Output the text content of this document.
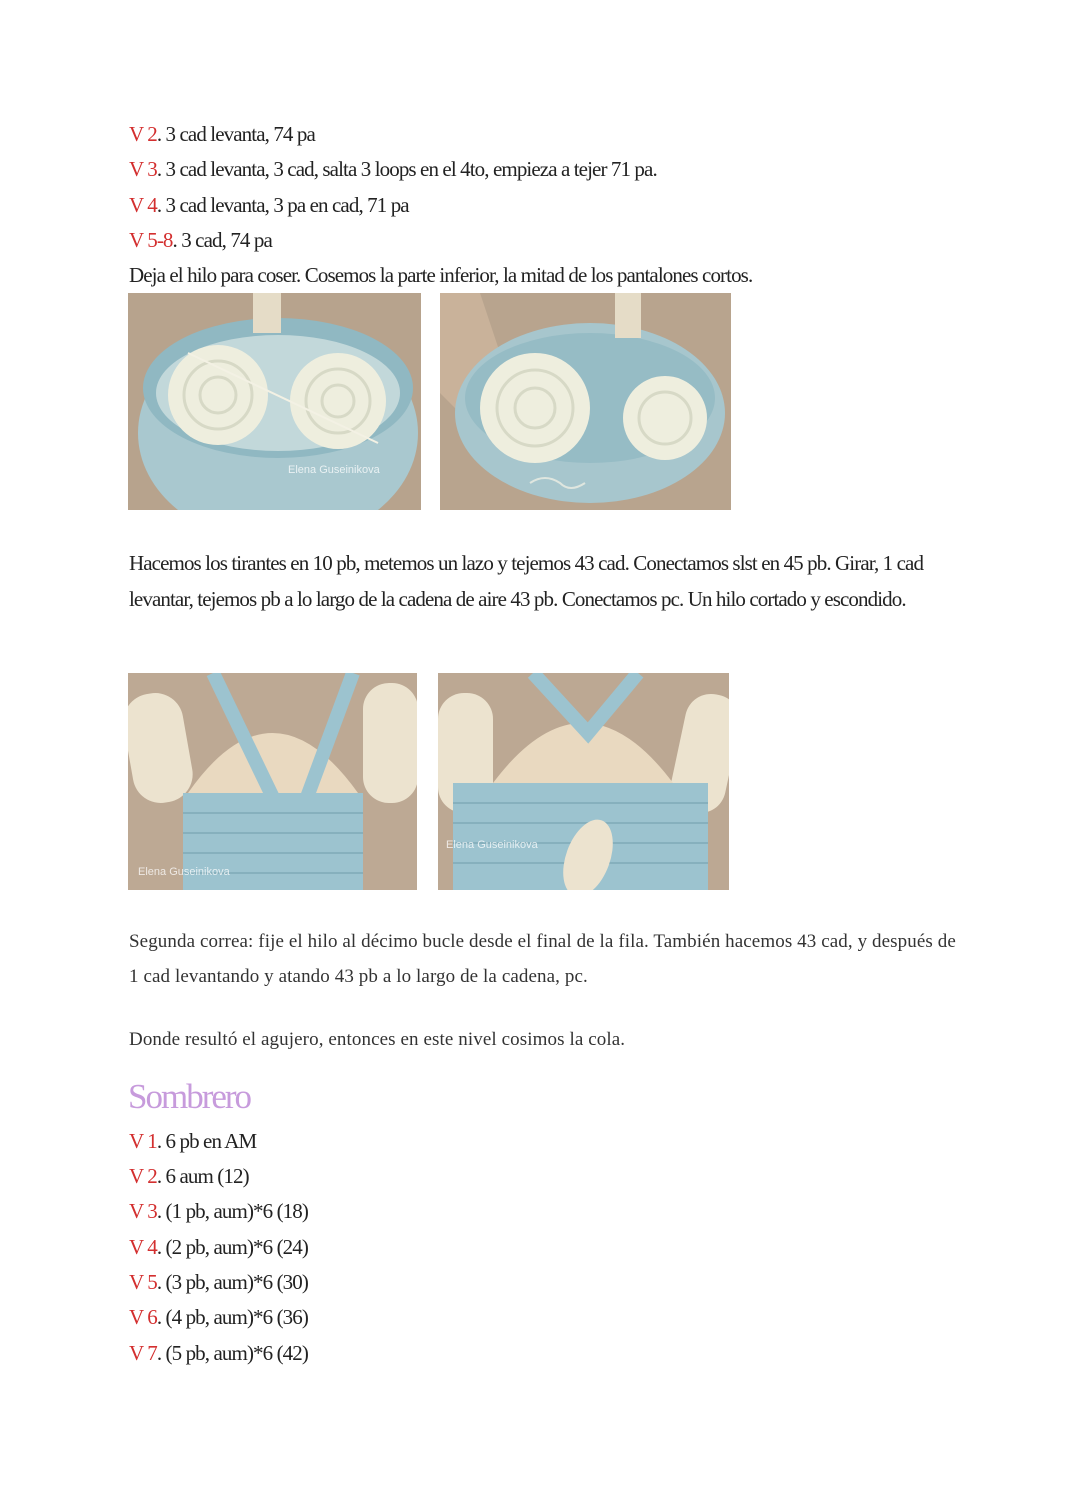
V 2. 3 cad levanta, 74 pa
V 3. 3 cad levanta, 3 cad, salta 3 loops en el 4to, empieza a tejer 71 pa.
V 4. 3 cad levanta, 3 pa en cad, 71 pa
V 5-8. 3 cad, 74 pa
Deja el hilo para coser. Cosemos la parte inferior, la mitad de los pantalones cortos.
Elena Guseinikova
Hacemos los tirantes en 10 pb, metemos un lazo y tejemos 43 cad. Conectamos slst en 45 pb. Girar, 1 cad levantar, tejemos pb a lo largo de la cadena de aire 43 pb. Conectamos pc. Un hilo cortado y escondido.
Elena Guseinikova
Elena Guseinikova
Segunda correa: fije el hilo al décimo bucle desde el final de la fila. También hacemos 43 cad, y después de 1 cad levantando y atando 43 pb a lo largo de la cadena, pc.
Donde resultó el agujero, entonces en este nivel cosimos la cola.
Sombrero
V 1. 6 pb en AM
V 2. 6 aum (12)
V 3. (1 pb, aum)*6 (18)
V 4. (2 pb, aum)*6 (24)
V 5. (3 pb, aum)*6 (30)
V 6. (4 pb, aum)*6 (36)
V 7. (5 pb, aum)*6 (42)
